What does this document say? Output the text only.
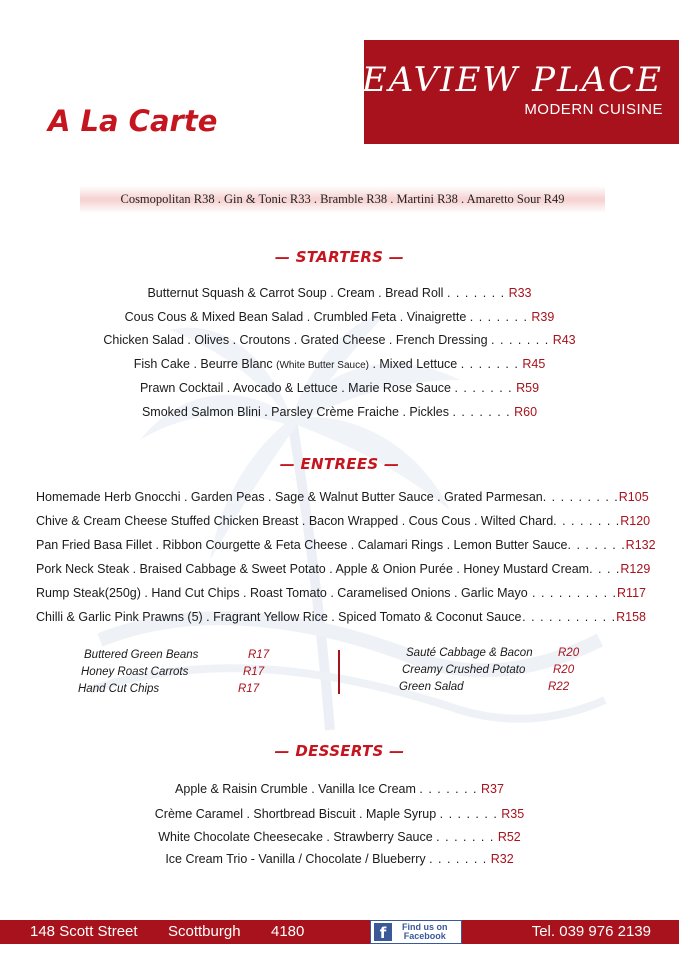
SEAVIEW PLACE
MODERN CUISINE
A La Carte
Cosmopolitan R38 . Gin & Tonic R33 . Bramble R38 . Martini R38 . Amaretto Sour R49
— STARTERS —
Butternut Squash & Carrot Soup . Cream . Bread Roll . . . . . . . R33
Cous Cous & Mixed Bean Salad . Crumbled Feta . Vinaigrette . . . . . . . R39
Chicken Salad . Olives . Croutons . Grated Cheese . French Dressing . . . . . . . R43
Fish Cake . Beurre Blanc (White Butter Sauce) . Mixed Lettuce . . . . . . . R45
Prawn Cocktail . Avocado & Lettuce . Marie Rose Sauce . . . . . . . R59
Smoked Salmon Blini . Parsley Crème Fraiche . Pickles . . . . . . . R60
— ENTREES —
Homemade Herb Gnocchi . Garden Peas . Sage & Walnut Butter Sauce . Grated Parmesan . . . . . . . . .R105
Chive & Cream Cheese Stuffed Chicken Breast . Bacon Wrapped . Cous Cous . Wilted Chard . . . . . . . .R120
Pan Fried Basa Fillet . Ribbon Courgette & Feta Cheese . Calamari Rings . Lemon Butter Sauce . . . . . . .R132
Pork Neck Steak . Braised Cabbage & Sweet Potato . Apple & Onion Purée . Honey Mustard Cream . . . .R129
Rump Steak(250g) . Hand Cut Chips . Roast Tomato . Caramelised Onions . Garlic Mayo . . . . . . . . . .R117
Chilli & Garlic Pink Prawns (5) . Fragrant Yellow Rice . Spiced Tomato & Coconut Sauce . . . . . . . . . . .R158
Buttered Green Beans	R17
Honey Roast Carrots	R17
Hand Cut Chips	R17
Sauté Cabbage & Bacon R20
Creamy Crushed Potato R20
Green Salad	R22
— DESSERTS —
Apple & Raisin Crumble . Vanilla Ice Cream . . . . . . . R37
Crème Caramel . Shortbread Biscuit . Maple Syrup . . . . . . . R35
White Chocolate Cheesecake . Strawberry Sauce . . . . . . . R52
Ice Cream Trio - Vanilla / Chocolate / Blueberry . . . . . . . R32
148 Scott Street Scottburgh 4180	Tel. 039 976 2139
f	Find us on
Facebook
